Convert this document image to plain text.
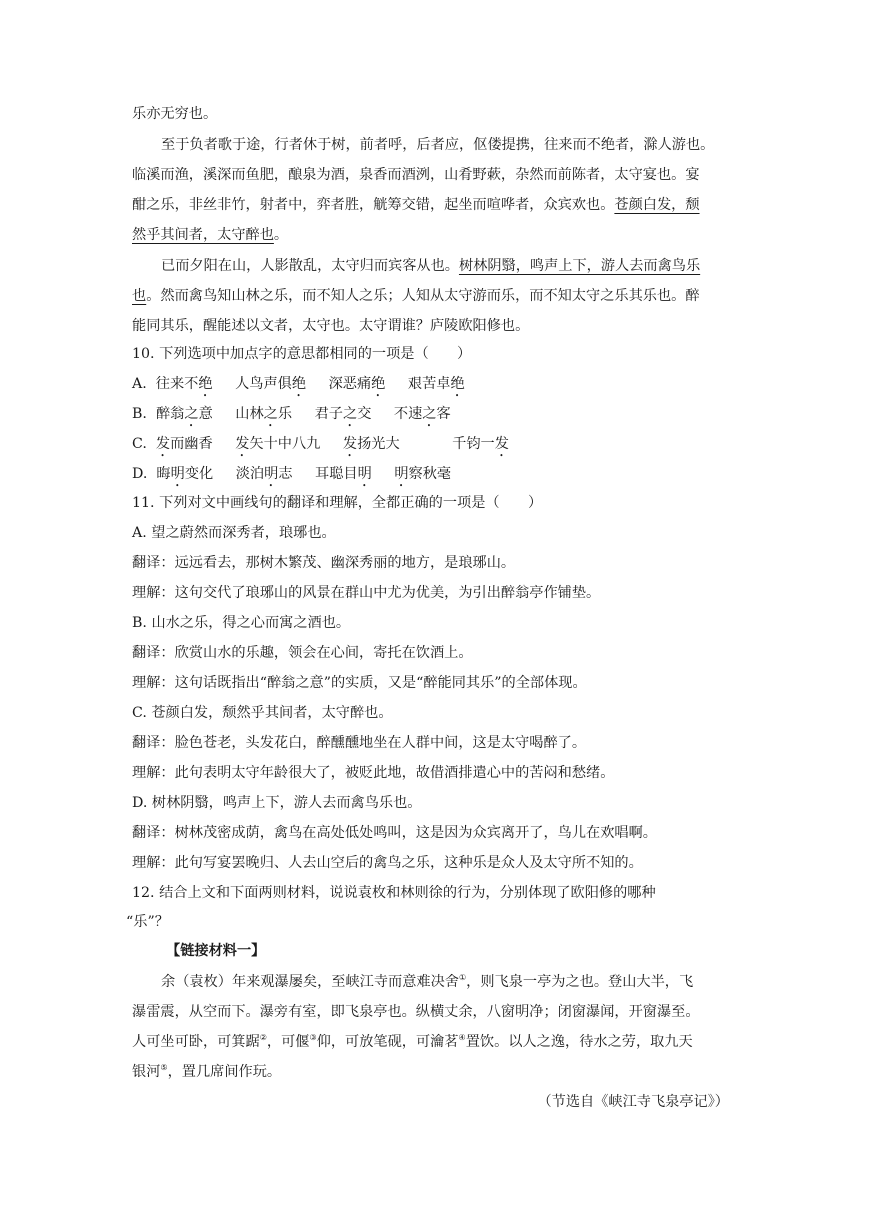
乐亦无穷也。
至于负者歌于途，行者休于树，前者呼，后者应，伛偻提携，往来而不绝者，滁人游也。
临溪而渔，溪深而鱼肥，酿泉为酒，泉香而酒洌，山肴野蔌，杂然而前陈者，太守宴也。宴
酣之乐，非丝非竹，射者中，弈者胜，觥筹交错，起坐而喧哗者，众宾欢也。苍颜白发，颓
然乎其间者，太守醉也。
已而夕阳在山，人影散乱，太守归而宾客从也。树林阴翳，鸣声上下，游人去而禽鸟乐
也。然而禽鸟知山林之乐，而不知人之乐；人知从太守游而乐，而不知太守之乐其乐也。醉
能同其乐，醒能述以文者，太守也。太守谓谁？庐陵欧阳修也。
10. 下列选项中加点字的意思都相同的一项是（　　）
A. 往来不绝 人鸟声俱绝 深恶痛绝 艰苦卓绝
B. 醉翁之意 山林之乐 君子之交 不速之客
C. 发而幽香 发矢十中八九 发扬光大	千钧一发
D. 晦明变化 淡泊明志 耳聪目明 明察秋毫
11. 下列对文中画线句的翻译和理解，全都正确的一项是（　　）
A. 望之蔚然而深秀者，琅琊也。
翻译：远远看去，那树木繁茂、幽深秀丽的地方，是琅琊山。
理解：这句交代了琅琊山的风景在群山中尤为优美，为引出醉翁亭作铺垫。
B. 山水之乐，得之心而寓之酒也。
翻译：欣赏山水的乐趣，领会在心间，寄托在饮酒上。
理解：这句话既指出“醉翁之意”的实质，又是“醉能同其乐”的全部体现。
C. 苍颜白发，颓然乎其间者，太守醉也。
翻译：脸色苍老，头发花白，醉醺醺地坐在人群中间，这是太守喝醉了。
理解：此句表明太守年龄很大了，被贬此地，故借酒排遣心中的苦闷和愁绪。
D. 树林阴翳，鸣声上下，游人去而禽鸟乐也。
翻译：树林茂密成荫，禽鸟在高处低处鸣叫，这是因为众宾离开了，鸟儿在欢唱啊。
理解：此句写宴罢晚归、人去山空后的禽鸟之乐，这种乐是众人及太守所不知的。
12. 结合上文和下面两则材料，说说袁枚和林则徐的行为，分别体现了欧阳修的哪种
“乐”？
【链接材料一】
余（袁枚）年来观瀑屡矣，至峡江寺而意难决舍①，则飞泉一亭为之也。登山大半，飞
瀑雷震，从空而下。瀑旁有室，即飞泉亭也。纵横丈余，八窗明净；闭窗瀑闻，开窗瀑至。
人可坐可卧，可箕踞②，可偃③仰，可放笔砚，可瀹茗④置饮。以人之逸，待水之劳，取九天
银河⑤，置几席间作玩。
（节选自《峡江寺飞泉亭记》）
